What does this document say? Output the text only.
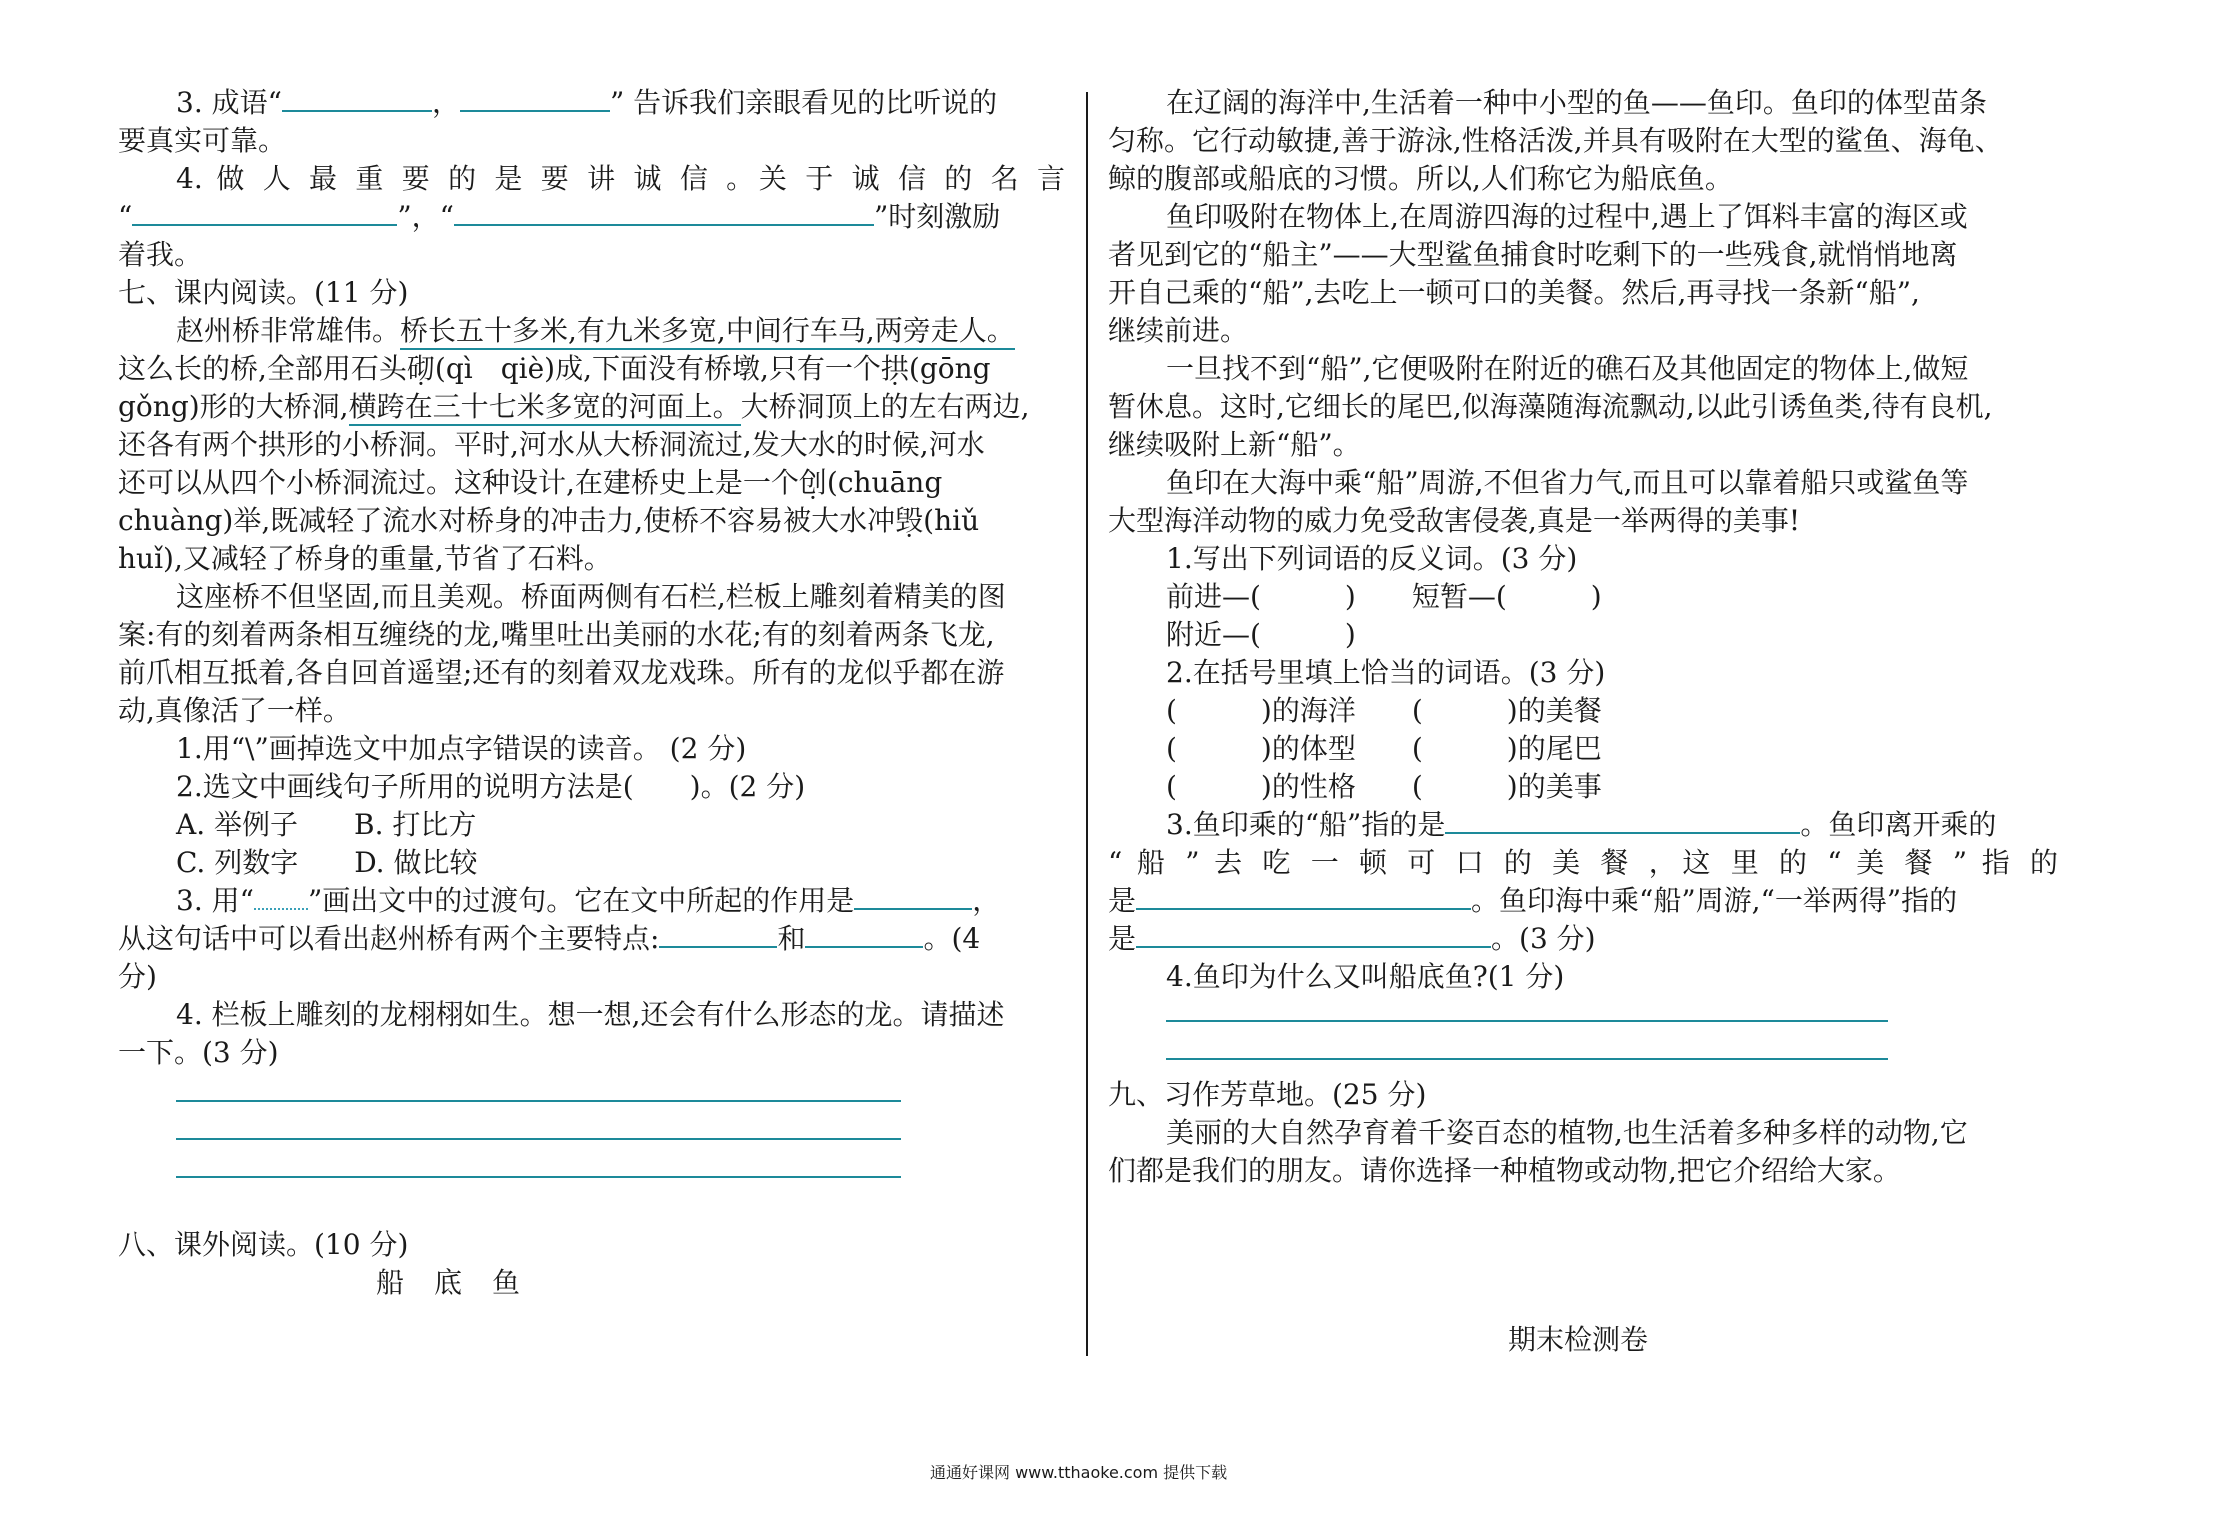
3. 成语“	，	” 告诉我们亲眼看见的比听说的
要真实可靠。
4. 做 人 最 重 要 的 是 要 讲 诚 信 。关 于 诚 信 的 名 言
“	”，“	”时刻激励
着我。
七、课内阅读。(11 分)
赵州桥非常雄伟。桥长五十多米,有九米多宽,中间行车马,两旁走人。
这么长的桥,全部用石头砌(qì　qiè)成,下面没有桥墩,只有一个拱(gōng
gǒng)形的大桥洞,横跨在三十七米多宽的河面上。大桥洞顶上的左右两边,
还各有两个拱形的小桥洞。平时,河水从大桥洞流过,发大水的时候,河水
还可以从四个小桥洞流过。这种设计,在建桥史上是一个创(chuāng
chuàng)举,既减轻了流水对桥身的冲击力,使桥不容易被大水冲毁(hiǔ
huǐ),又减轻了桥身的重量,节省了石料。
这座桥不但坚固,而且美观。桥面两侧有石栏,栏板上雕刻着精美的图
案:有的刻着两条相互缠绕的龙,嘴里吐出美丽的水花;有的刻着两条飞龙,
前爪相互抵着,各自回首遥望;还有的刻着双龙戏珠。所有的龙似乎都在游
动,真像活了一样。
1.用“\”画掉选文中加点字错误的读音。 (2 分)
2.选文中画线句子所用的说明方法是(　　)。(2 分)
A. 举例子　　B. 打比方
C. 列数字　　D. 做比较
3. 用“ ”画出文中的过渡句。它在文中所起的作用是	，
从这句话中可以看出赵州桥有两个主要特点:	和	。(4
分)
4. 栏板上雕刻的龙栩栩如生。想一想,还会有什么形态的龙。请描述
一下。(3 分)
八、课外阅读。(10 分)
船底鱼
在辽阔的海洋中,生活着一种中小型的鱼——鱼印。鱼印的体型苗条
匀称。它行动敏捷,善于游泳,性格活泼,并具有吸附在大型的鲨鱼、海龟、
鲸的腹部或船底的习惯。所以,人们称它为船底鱼。
鱼印吸附在物体上,在周游四海的过程中,遇上了饵料丰富的海区或
者见到它的“船主”——大型鲨鱼捕食时吃剩下的一些残食,就悄悄地离
开自己乘的“船”,去吃上一顿可口的美餐。然后,再寻找一条新“船”,
继续前进。
一旦找不到“船”,它便吸附在附近的礁石及其他固定的物体上,做短
暂休息。这时,它细长的尾巴,似海藻随海流飘动,以此引诱鱼类,待有良机,
继续吸附上新“船”。
鱼印在大海中乘“船”周游,不但省力气,而且可以靠着船只或鲨鱼等
大型海洋动物的威力免受敌害侵袭,真是一举两得的美事!
1.写出下列词语的反义词。(3 分)
前进—(　　　)　　短暂—(　　　)
附近—(　　　)
2.在括号里填上恰当的词语。(3 分)
(　　　)的海洋　　(　　　)的美餐
(　　　)的体型　　(　　　)的尾巴
(　　　)的性格　　(　　　)的美事
3.鱼印乘的“船”指的是	。鱼印离开乘的
“ 船 ” 去 吃 一 顿 可 口 的 美 餐 ，这 里 的 “ 美 餐 ” 指 的
是	。鱼印海中乘“船”周游,“一举两得”指的
是	。(3 分)
4.鱼印为什么又叫船底鱼?(1 分)
九、习作芳草地。(25 分)
美丽的大自然孕育着千姿百态的植物,也生活着多种多样的动物,它
们都是我们的朋友。请你选择一种植物或动物,把它介绍给大家。
期末检测卷
通通好课网 www.tthaoke.com 提供下载
